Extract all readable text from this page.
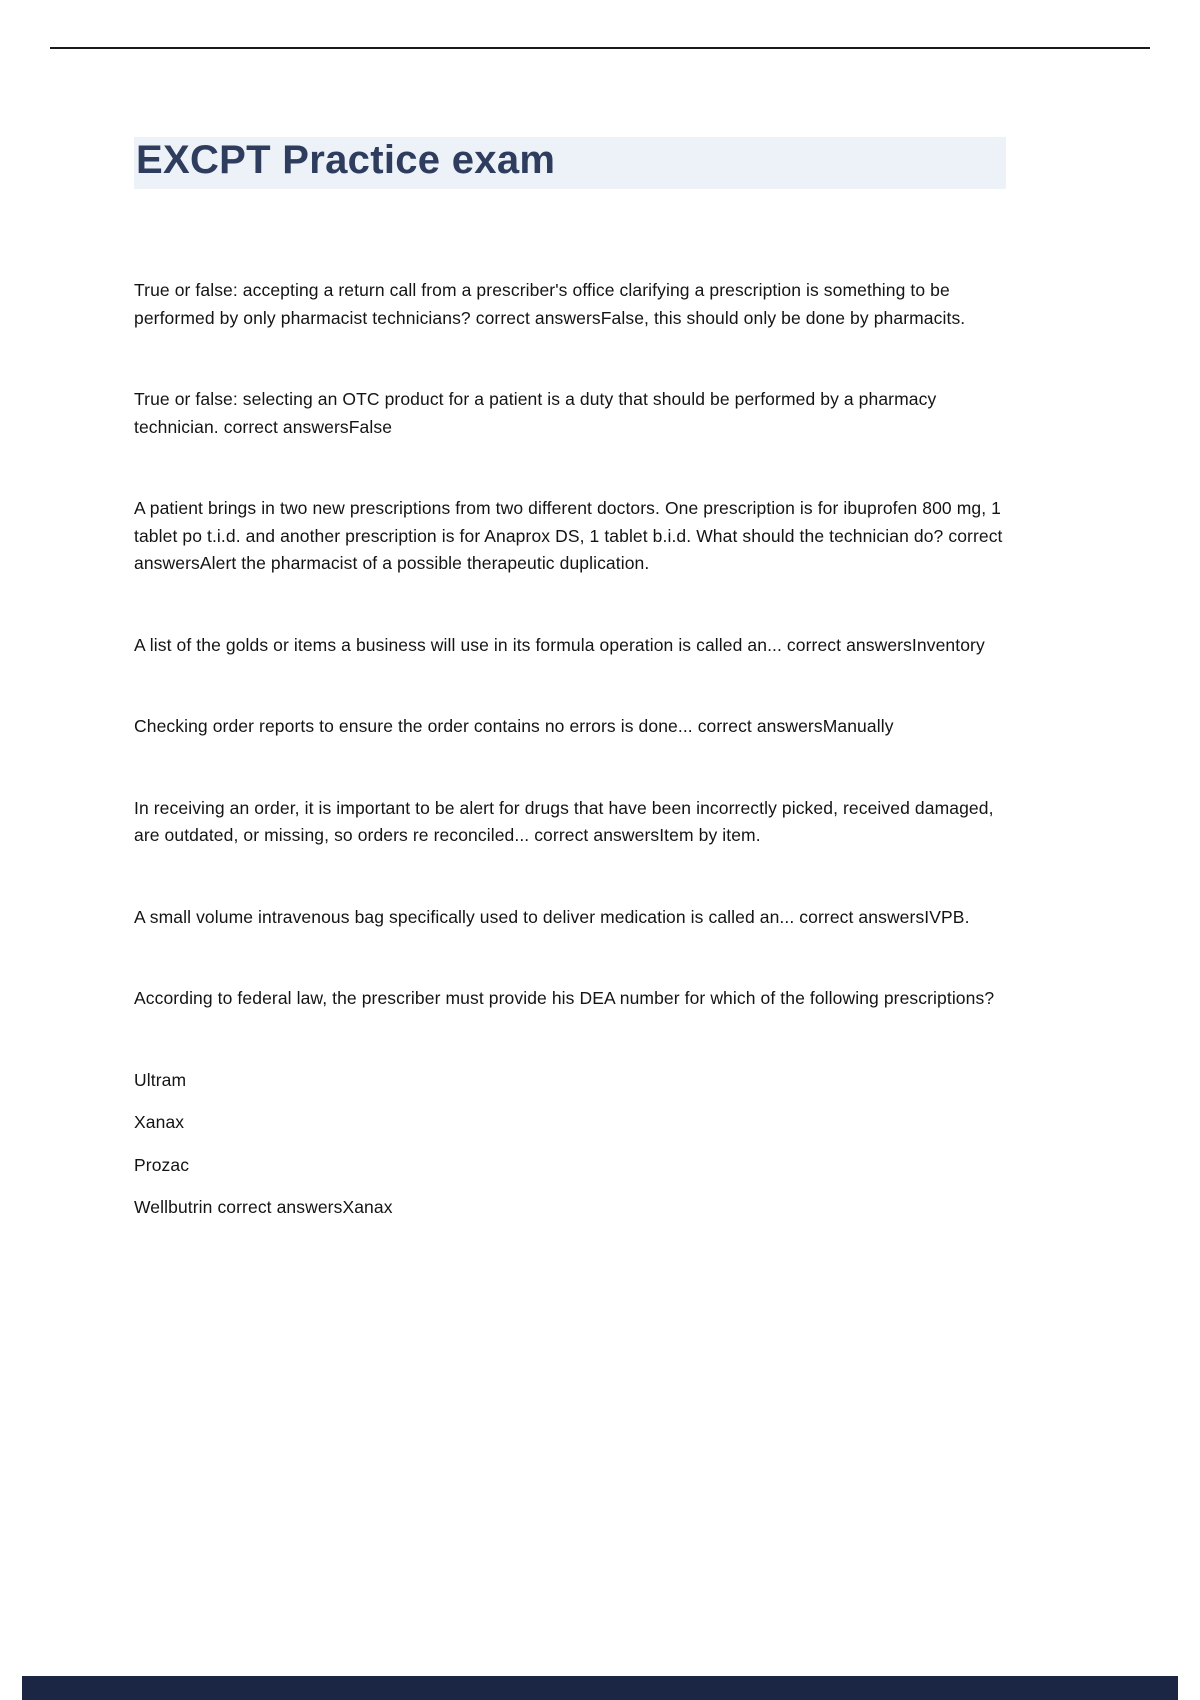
EXCPT Practice exam

True or false: accepting a return call from a prescriber's office clarifying a prescription is something to be performed by only pharmacist technicians? correct answersFalse, this should only be done by pharmacits.

True or false: selecting an OTC product for a patient is a duty that should be performed by a pharmacy technician. correct answersFalse

A patient brings in two new prescriptions from two different doctors. One prescription is for ibuprofen 800 mg, 1 tablet po t.i.d. and another prescription is for Anaprox DS, 1 tablet b.i.d. What should the technician do? correct answersAlert the pharmacist of a possible therapeutic duplication.

A list of the golds or items a business will use in its formula operation is called an... correct answersInventory

Checking order reports to ensure the order contains no errors is done... correct answersManually

In receiving an order, it is important to be alert for drugs that have been incorrectly picked, received damaged, are outdated, or missing, so orders re reconciled... correct answersItem by item.

A small volume intravenous bag specifically used to deliver medication is called an... correct answersIVPB.

According to federal law, the prescriber must provide his DEA number for which of the following prescriptions?

Ultram

Xanax

Prozac

Wellbutrin correct answersXanax
